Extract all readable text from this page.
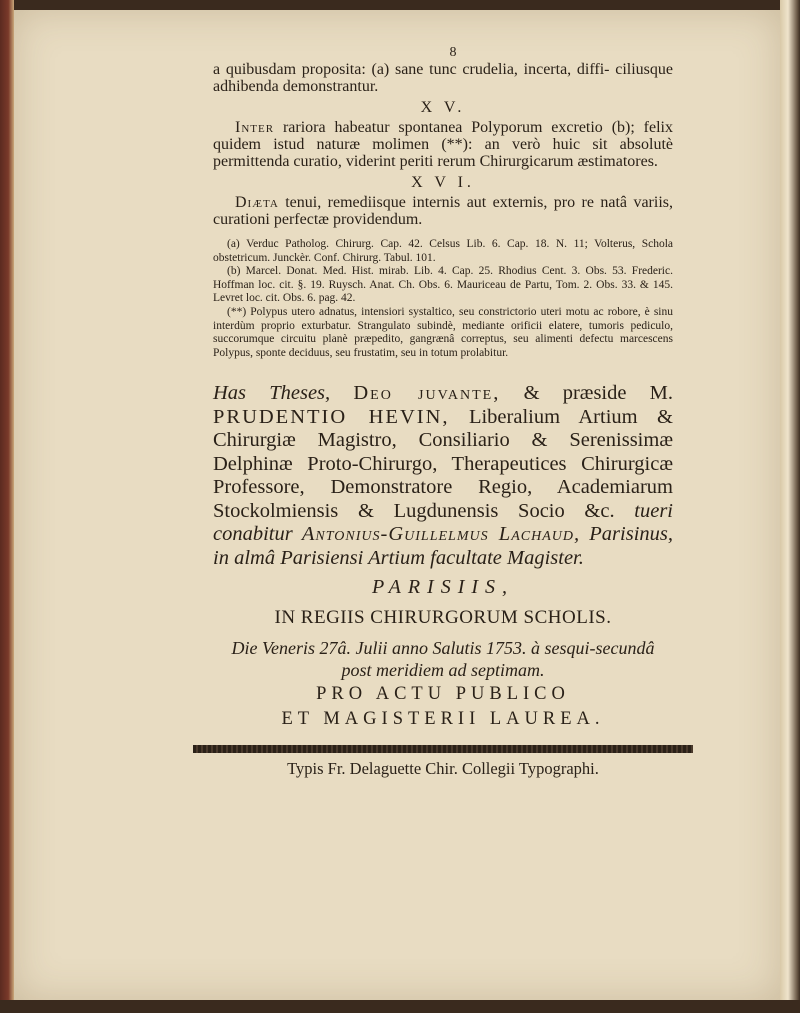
8

a quibusdam proposita: (a) sane tunc crudelia, incerta, diffi- ciliusque adhibenda demonstrantur.

X V.

Inter rariora habeatur spontanea Polyporum excretio (b); felix quidem istud naturæ molimen (**): an verò huic sit absolutè permittenda curatio, viderint periti rerum Chirurgicarum æstimatores.

X V I.

Diæta tenui, remediisque internis aut externis, pro re natâ variis, curationi perfectæ providendum.

(a) Verduc Patholog. Chirurg. Cap. 42. Celsus Lib. 6. Cap. 18. N. 11; Volterus, Schola obstetricum. Junckèr. Conf. Chirurg. Tabul. 101.

(b) Marcel. Donat. Med. Hist. mirab. Lib. 4. Cap. 25. Rhodius Cent. 3. Obs. 53. Frederic. Hoffman loc. cit. §. 19. Ruysch. Anat. Ch. Obs. 6. Mauriceau de Partu, Tom. 2. Obs. 33. & 145. Levret loc. cit. Obs. 6. pag. 42.

(**) Polypus utero adnatus, intensiori systaltico, seu constrictorio uteri motu ac robore, è sinu interdùm proprio exturbatur. Strangulato subindè, mediante orificii elatere, tumoris pediculo, succorumque circuitu planè præpedito, gangrænâ correptus, seu alimenti defectu marcescens Polypus, sponte deciduus, seu frustatim, seu in totum prolabitur.

Has Theses, Deo juvante, & præside M. PRUDENTIO HEVIN, Liberalium Artium & Chirurgiæ Magistro, Consiliario & Serenissimæ Delphinæ Proto-Chirurgo, Therapeutices Chirurgicæ Professore, Demonstratore Regio, Academiarum Stockolmiensis & Lugdunensis Socio &c. tueri conabitur Antonius-Guillelmus Lachaud, Parisinus, in almâ Parisiensi Artium facultate Magister.

PARISIIS,
IN REGIIS CHIRURGORUM SCHOLIS.
Die Veneris 27â. Julii anno Salutis 1753. à sesqui-secundâ
post meridiem ad septimam.
PRO ACTU PUBLICO
ET MAGISTERII LAUREA.
Typis Fr. Delaguette Chir. Collegii Typographi.
